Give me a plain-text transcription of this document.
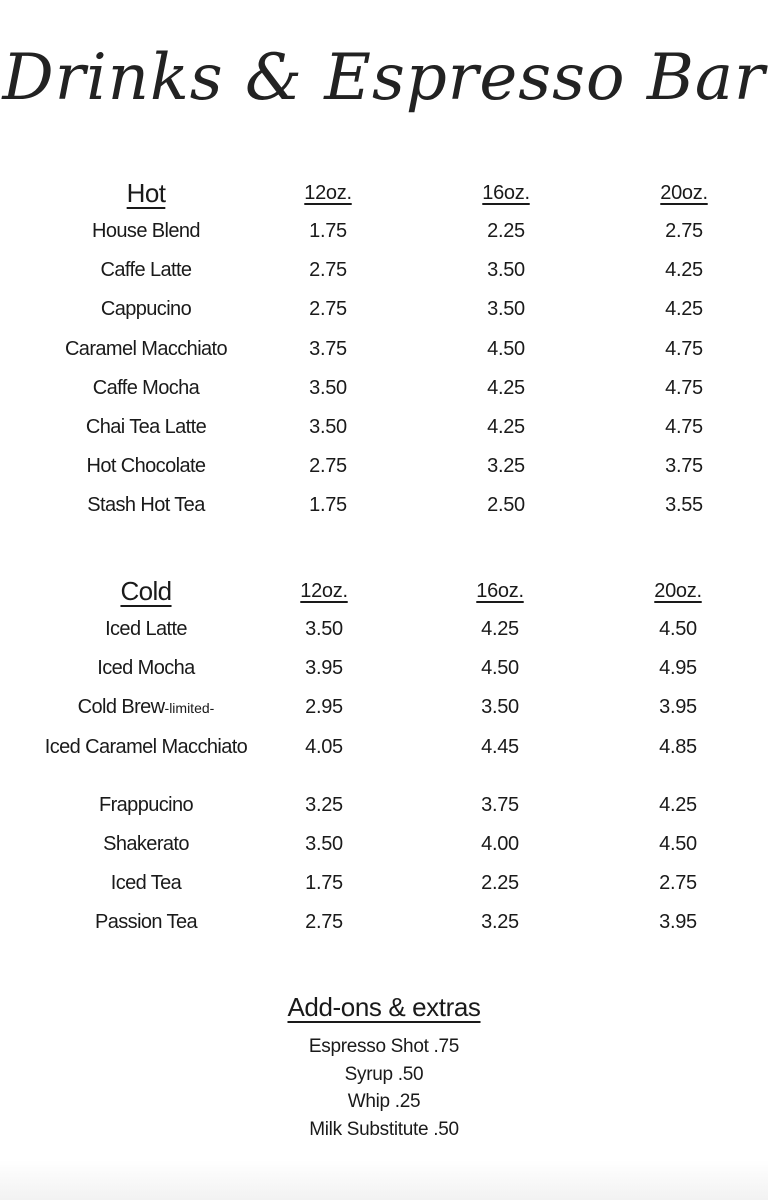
Drinks & Espresso Bar
Hot	12oz.	16oz.	20oz.
House Blend	1.75	2.25	2.75
Caffe Latte	2.75	3.50	4.25
Cappucino	2.75	3.50	4.25
Caramel Macchiato	3.75	4.50	4.75
Caffe Mocha	3.50	4.25	4.75
Chai Tea Latte	3.50	4.25	4.75
Hot Chocolate	2.75	3.25	3.75
Stash Hot Tea	1.75	2.50	3.55
Cold	12oz.	16oz.	20oz.
Iced Latte	3.50	4.25	4.50
Iced Mocha	3.95	4.50	4.95
Cold Brew-limited-	2.95	3.50	3.95
Iced Caramel Macchiato	4.05	4.45	4.85
Frappucino	3.25	3.75	4.25
Shakerato	3.50	4.00	4.50
Iced Tea	1.75	2.25	2.75
Passion Tea	2.75	3.25	3.95
Add-ons & extras
Espresso Shot .75
Syrup .50
Whip .25
Milk Substitute .50
